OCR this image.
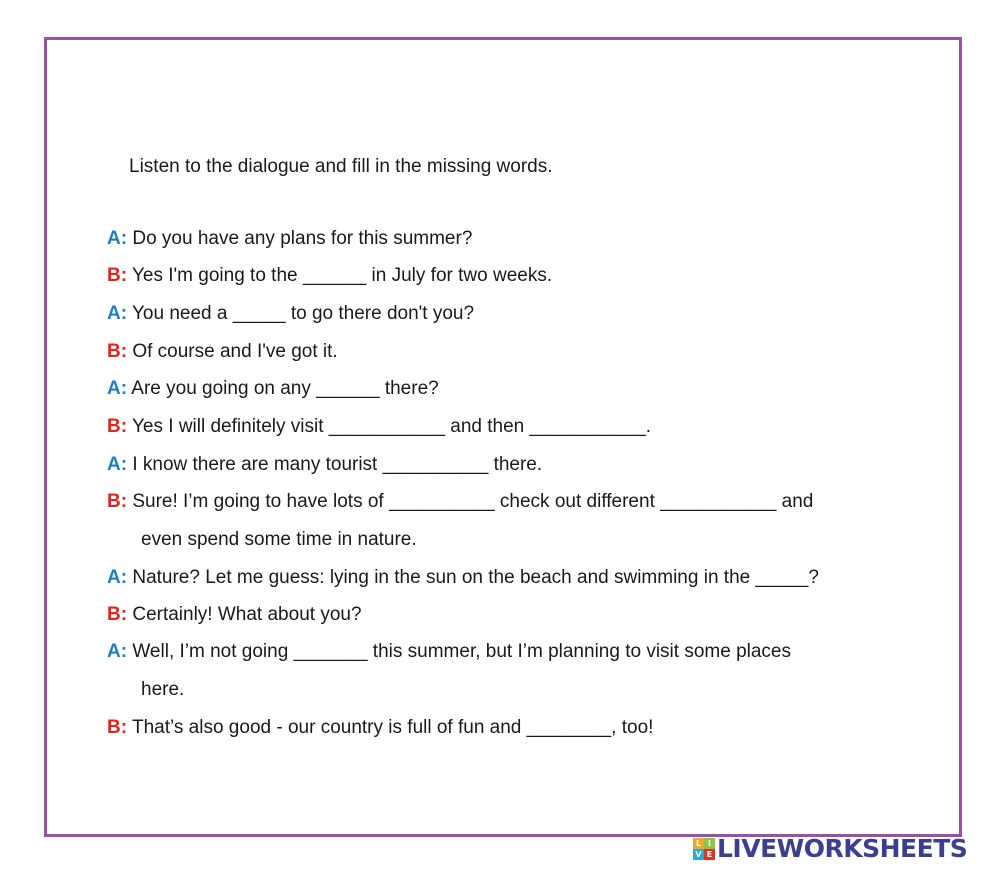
Listen to the dialogue and fill in the missing words.
A: Do you have any plans for this summer?
B: Yes I'm going to the ______ in July for two weeks.
A: You need a _____ to go there don't you?
B: Of course and I've got it.
A: Are you going on any ______ there?
B: Yes I will definitely visit ___________ and then ___________.
A: I know there are many tourist __________ there.
B: Sure! I’m going to have lots of __________ check out different ___________ and
even spend some time in nature.
A: Nature? Let me guess: lying in the sun on the beach and swimming in the _____?
B: Certainly! What about you?
A: Well, I’m not going _______ this summer, but I’m planning to visit some places
here.
B: That’s also good - our country is full of fun and ________, too!
L I
V E LIVEWORKSHEETS
